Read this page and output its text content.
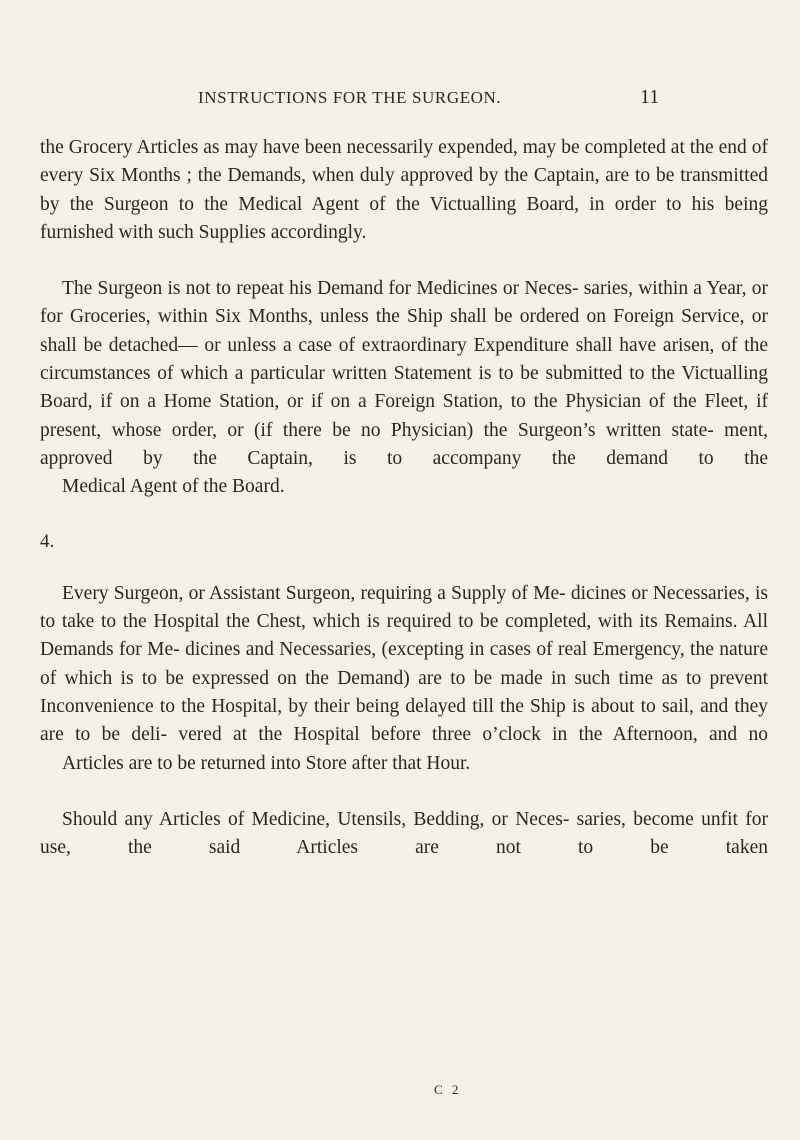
INSTRUCTIONS FOR THE SURGEON.	11

the Grocery Articles as may have been necessarily expended, may be completed at the end of every Six Months ; the Demands, when duly approved by the Captain, are to be transmitted by the Surgeon to the Medical Agent of the Victualling Board, in order to his being
furnished with such Supplies accordingly.

The Surgeon is not to repeat his Demand for Medicines or Neces- saries, within a Year, or for Groceries, within Six Months, unless the Ship shall be ordered on Foreign Service, or shall be detached— or unless a case of extraordinary Expenditure shall have arisen, of the circumstances of which a particular written Statement is to be submitted to the Victualling Board, if on a Home Station, or if on a Foreign Station, to the Physician of the Fleet, if present, whose order, or (if there be no Physician) the Surgeon’s written state- ment, approved by the Captain, is to accompany the demand to the
Medical Agent of the Board.

4.

Every Surgeon, or Assistant Surgeon, requiring a Supply of Me- dicines or Necessaries, is to take to the Hospital the Chest, which is required to be completed, with its Remains. All Demands for Me- dicines and Necessaries, (excepting in cases of real Emergency, the nature of which is to be expressed on the Demand) are to be made in such time as to prevent Inconvenience to the Hospital, by their being delayed till the Ship is about to sail, and they are to be deli- vered at the Hospital before three o’clock in the Afternoon, and no
Articles are to be returned into Store after that Hour.

Should any Articles of Medicine, Utensils, Bedding, or Neces- saries, become unfit for use, the said Articles are not to be taken

C 2
